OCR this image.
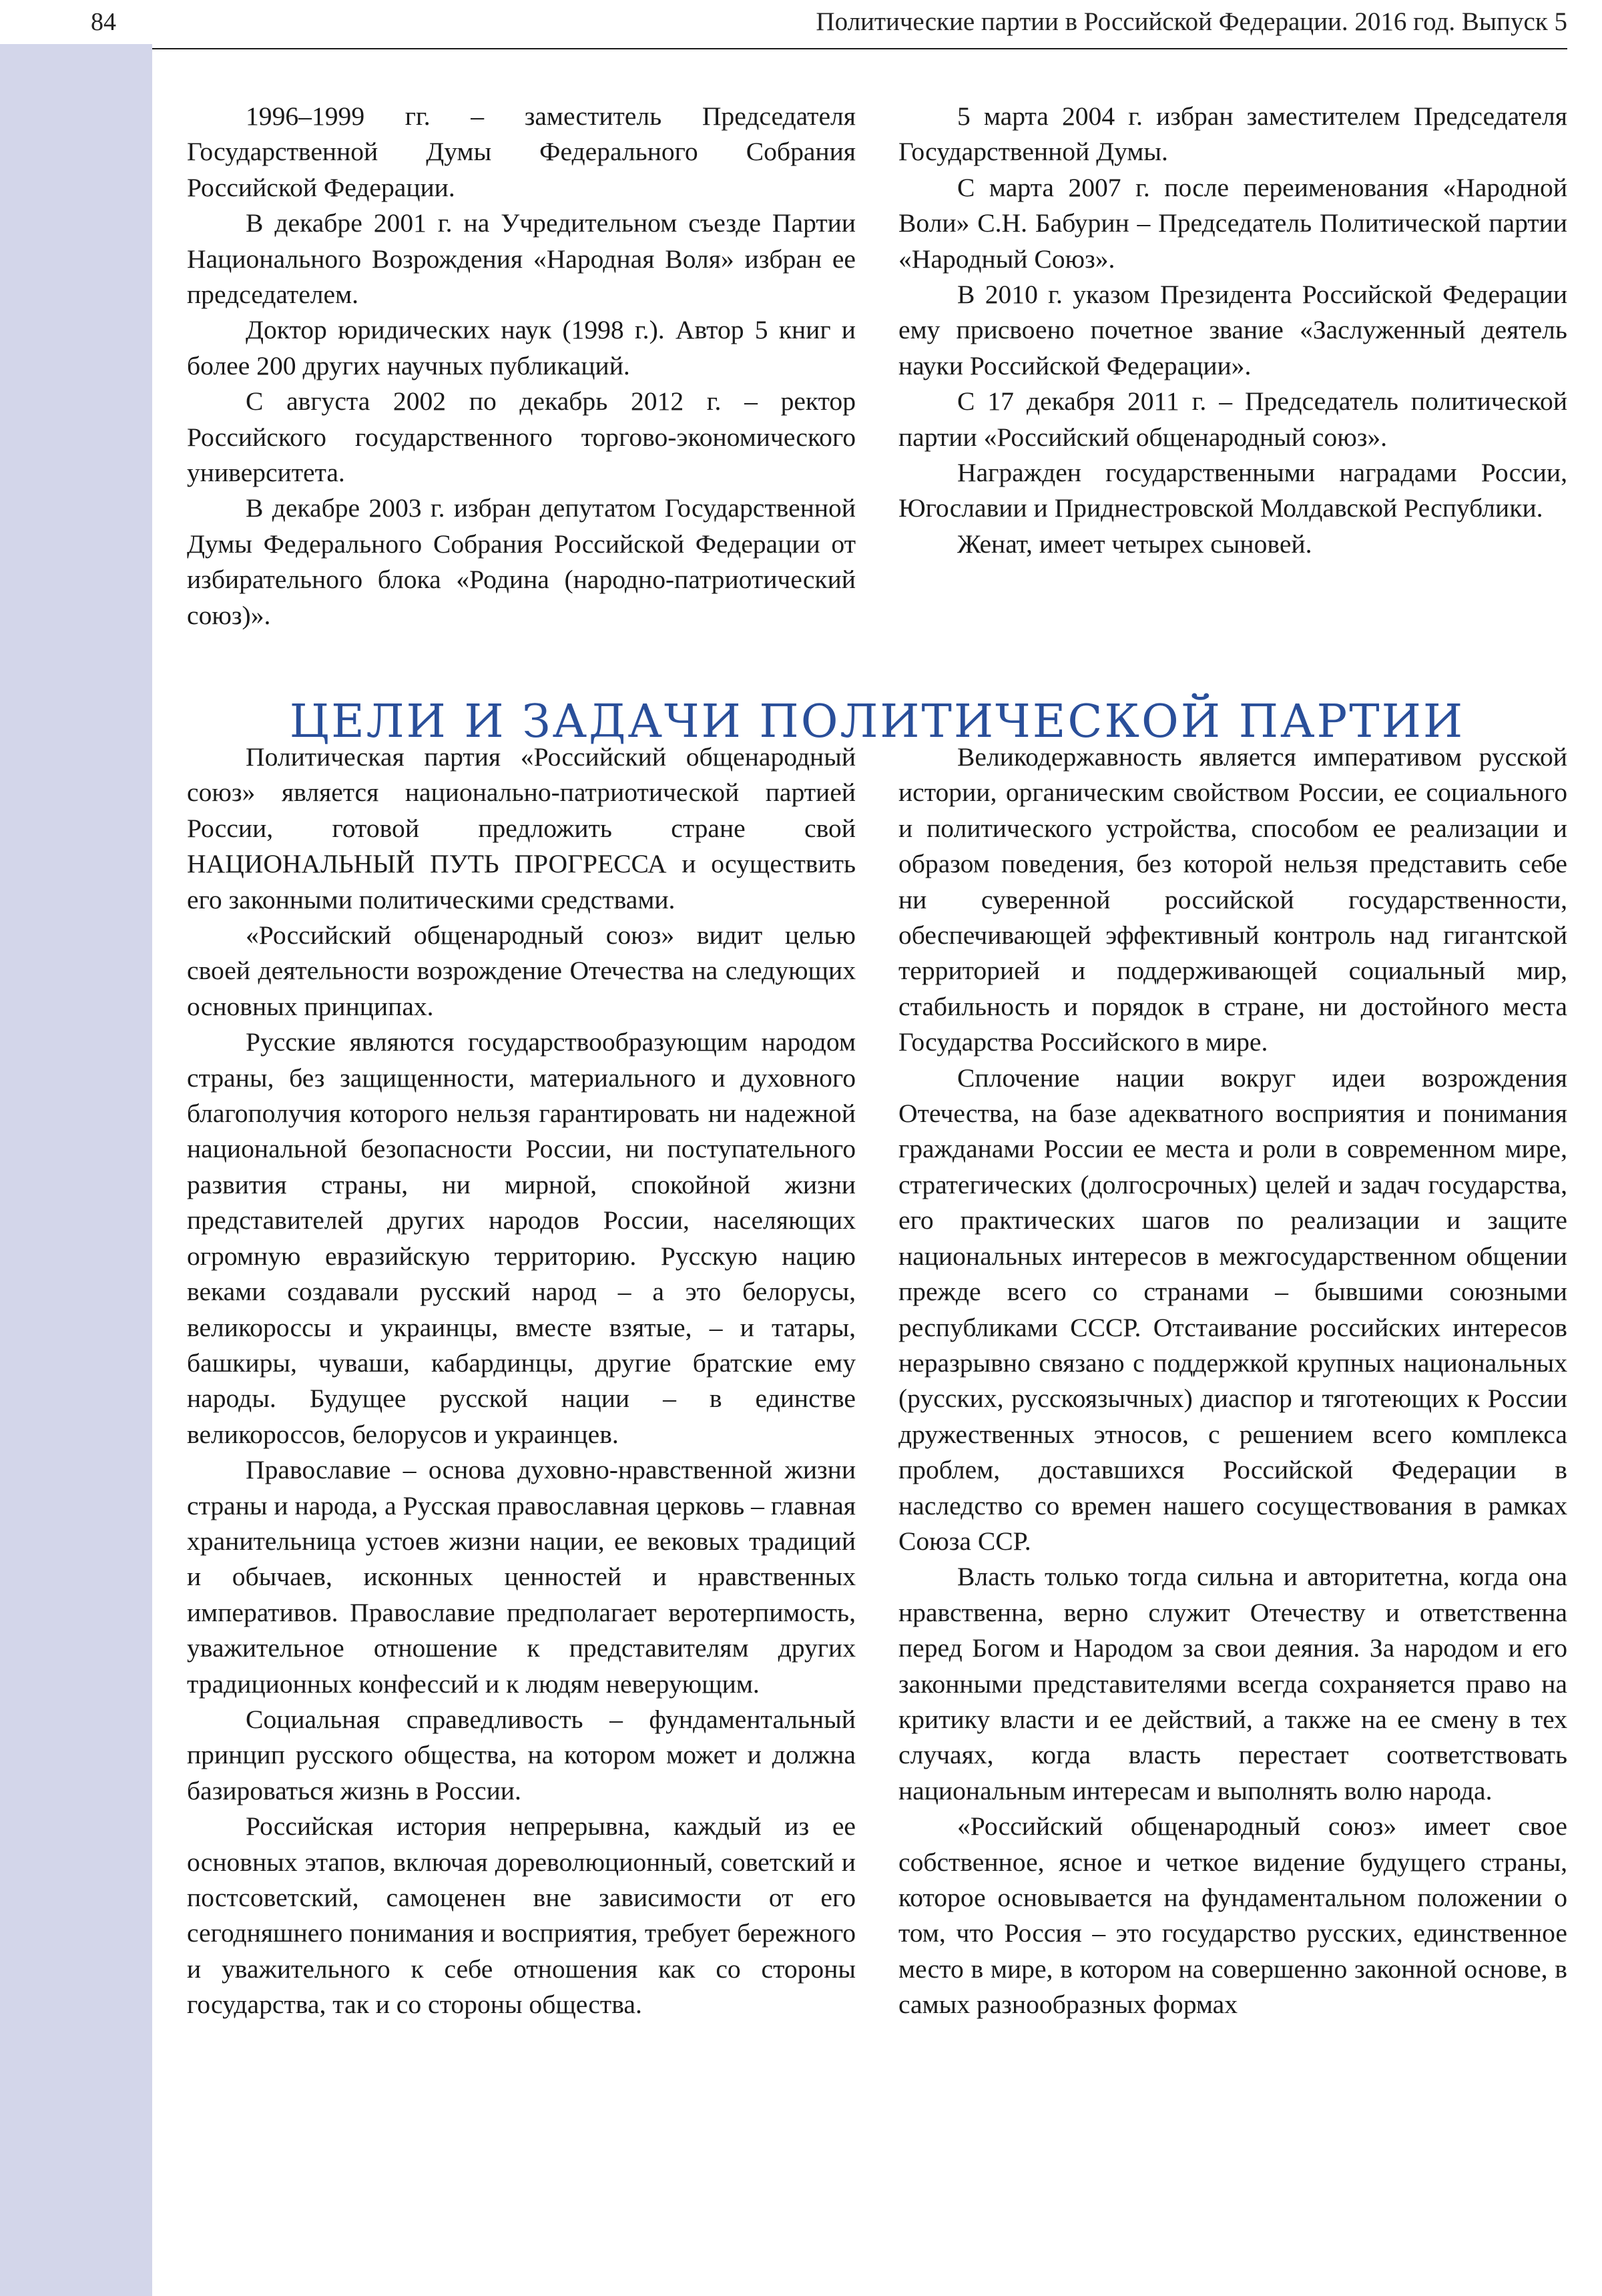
84	Политические партии в Российской Федерации. 2016 год. Выпуск 5

1996–1999 гг. – заместитель Председателя Государственной Думы Федерального Собрания Российской Федерации.

В декабре 2001 г. на Учредительном съезде Партии Национального Возрождения «Народная Воля» избран ее председателем.

Доктор юридических наук (1998 г.). Автор 5 книг и более 200 других научных публикаций.

С августа 2002 по декабрь 2012 г. – ректор Российского государственного торгово-экономического университета.

В декабре 2003 г. избран депутатом Государственной Думы Федерального Собрания Российской Федерации от избирательного блока «Родина (народно-патриотический союз)».

5 марта 2004 г. избран заместителем Председателя Государственной Думы.

С марта 2007 г. после переименования «Народной Воли» С.Н. Бабурин – Председатель Политической партии «Народный Союз».

В 2010 г. указом Президента Российской Федерации ему присвоено почетное звание «Заслуженный деятель науки Российской Федерации».

С 17 декабря 2011 г. – Председатель политической партии «Российский общенародный союз».

Награжден государственными наградами России, Югославии и Приднестровской Молдавской Республики.

Женат, имеет четырех сыновей.

ЦЕЛИ И ЗАДАЧИ ПОЛИТИЧЕСКОЙ ПАРТИИ

Политическая партия «Российский общенародный союз» является национально-патриотической партией России, готовой предложить стране свой НАЦИОНАЛЬНЫЙ ПУТЬ ПРОГРЕССА и осуществить его законными политическими средствами.

«Российский общенародный союз» видит целью своей деятельности возрождение Отечества на следующих основных принципах.

Русские являются государствообразующим народом страны, без защищенности, материального и духовного благополучия которого нельзя гарантировать ни надежной национальной безопасности России, ни поступательного развития страны, ни мирной, спокойной жизни представителей других народов России, населяющих огромную евразийскую территорию. Русскую нацию веками создавали русский народ – а это белорусы, великороссы и украинцы, вместе взятые, – и татары, башкиры, чуваши, кабардинцы, другие братские ему народы. Будущее русской нации – в единстве великороссов, белорусов и украинцев.

Православие – основа духовно-нравственной жизни страны и народа, а Русская православная церковь – главная хранительница устоев жизни нации, ее вековых традиций и обычаев, исконных ценностей и нравственных императивов. Православие предполагает веротерпимость, уважительное отношение к представителям других традиционных конфессий и к людям неверующим.

Социальная справедливость – фундаментальный принцип русского общества, на котором может и должна базироваться жизнь в России.

Российская история непрерывна, каждый из ее основных этапов, включая дореволюционный, советский и постсоветский, самоценен вне зависимости от его сегодняшнего понимания и восприятия, требует бережного и уважительного к себе отношения как со стороны государства, так и со стороны общества.

Великодержавность является императивом русской истории, органическим свойством России, ее социального и политического устройства, способом ее реализации и образом поведения, без которой нельзя представить себе ни суверенной российской государственности, обеспечивающей эффективный контроль над гигантской территорией и поддерживающей социальный мир, стабильность и порядок в стране, ни достойного места Государства Российского в мире.

Сплочение нации вокруг идеи возрождения Отечества, на базе адекватного восприятия и понимания гражданами России ее места и роли в современном мире, стратегических (долгосрочных) целей и задач государства, его практических шагов по реализации и защите национальных интересов в межгосударственном общении прежде всего со странами – бывшими союзными республиками СССР. Отстаивание российских интересов неразрывно связано с поддержкой крупных национальных (русских, русскоязычных) диаспор и тяготеющих к России дружественных этносов, с решением всего комплекса проблем, доставшихся Российской Федерации в наследство со времен нашего сосуществования в рамках Союза ССР.

Власть только тогда сильна и авторитетна, когда она нравственна, верно служит Отечеству и ответственна перед Богом и Народом за свои деяния. За народом и его законными представителями всегда сохраняется право на критику власти и ее действий, а также на ее смену в тех случаях, когда власть перестает соответствовать национальным интересам и выполнять волю народа.

«Российский общенародный союз» имеет свое собственное, ясное и четкое видение будущего страны, которое основывается на фундаментальном положении о том, что Россия – это государство русских, единственное место в мире, в котором на совершенно законной основе, в самых разнообразных формах
